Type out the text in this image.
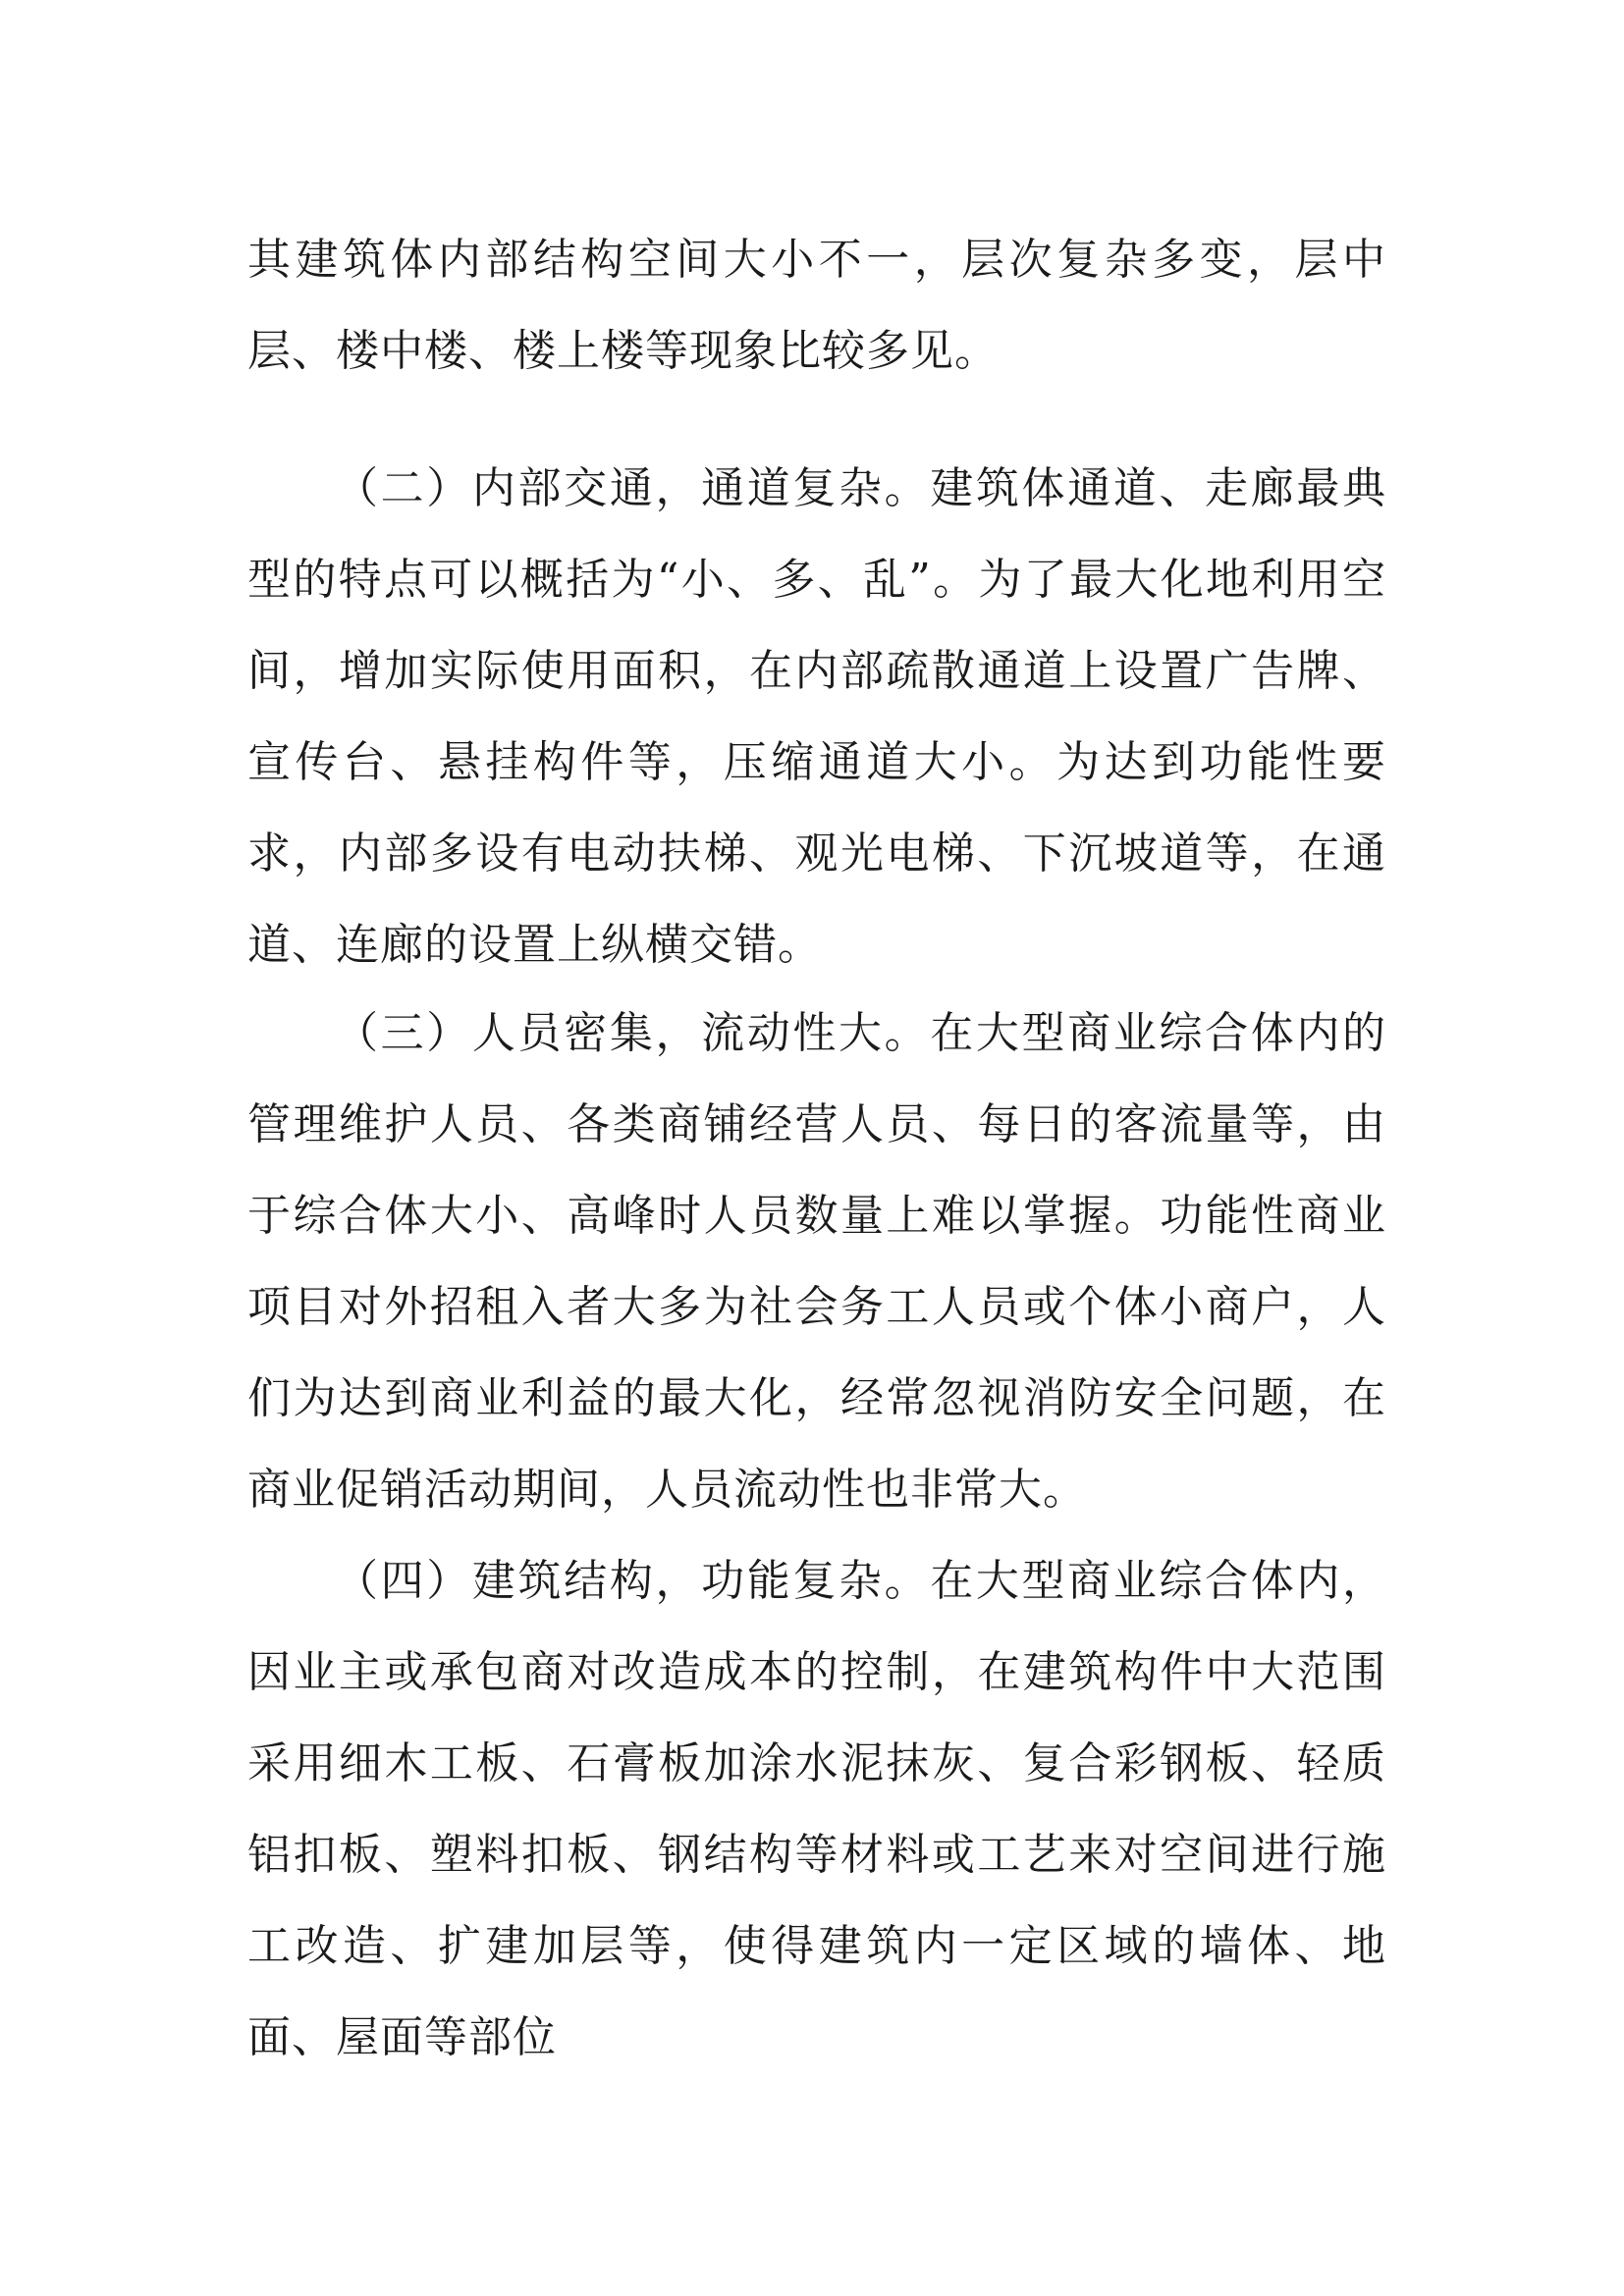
其建筑体内部结构空间大小不一，层次复杂多变，层中层、楼中楼、楼上楼等现象比较多见。

（二）内部交通，通道复杂。建筑体通道、走廊最典型的特点可以概括为“小、多、乱”。为了最大化地利用空间，增加实际使用面积，在内部疏散通道上设置广告牌、宣传台、悬挂构件等，压缩通道大小。为达到功能性要求，内部多设有电动扶梯、观光电梯、下沉坡道等，在通道、连廊的设置上纵横交错。

（三）人员密集，流动性大。在大型商业综合体内的管理维护人员、各类商铺经营人员、每日的客流量等，由于综合体大小、高峰时人员数量上难以掌握。功能性商业项目对外招租入者大多为社会务工人员或个体小商户，人们为达到商业利益的最大化，经常忽视消防安全问题，在商业促销活动期间，人员流动性也非常大。

（四）建筑结构，功能复杂。在大型商业综合体内，因业主或承包商对改造成本的控制，在建筑构件中大范围采用细木工板、石膏板加涂水泥抹灰、复合彩钢板、轻质铝扣板、塑料扣板、钢结构等材料或工艺来对空间进行施工改造、扩建加层等，使得建筑内一定区域的墙体、地面、屋面等部位
